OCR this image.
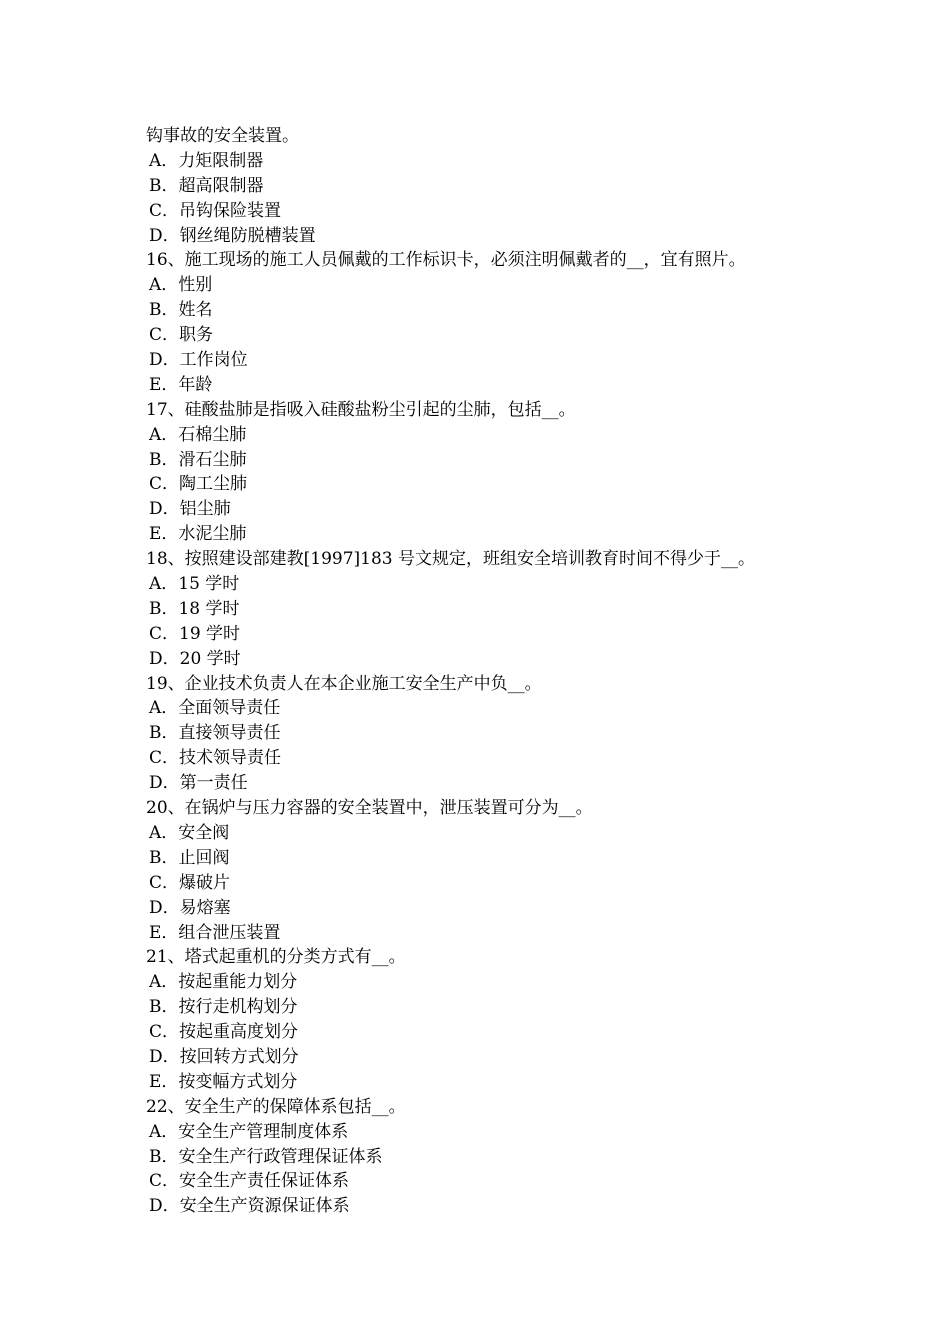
钩事故的安全装置。
A．力矩限制器
B．超高限制器
C．吊钩保险装置
D．钢丝绳防脱槽装置
16、施工现场的施工人员佩戴的工作标识卡，必须注明佩戴者的__，宜有照片。
A．性别
B．姓名
C．职务
D．工作岗位
E．年龄
17、硅酸盐肺是指吸入硅酸盐粉尘引起的尘肺，包括__。
A．石棉尘肺
B．滑石尘肺
C．陶工尘肺
D．铝尘肺
E．水泥尘肺
18、按照建设部建教[1997]183 号文规定，班组安全培训教育时间不得少于__。
A．15 学时
B．18 学时
C．19 学时
D．20 学时
19、企业技术负责人在本企业施工安全生产中负__。
A．全面领导责任
B．直接领导责任
C．技术领导责任
D．第一责任
20、在锅炉与压力容器的安全装置中，泄压装置可分为__。
A．安全阀
B．止回阀
C．爆破片
D．易熔塞
E．组合泄压装置
21、塔式起重机的分类方式有__。
A．按起重能力划分
B．按行走机构划分
C．按起重高度划分
D．按回转方式划分
E．按变幅方式划分
22、安全生产的保障体系包括__。
A．安全生产管理制度体系
B．安全生产行政管理保证体系
C．安全生产责任保证体系
D．安全生产资源保证体系
